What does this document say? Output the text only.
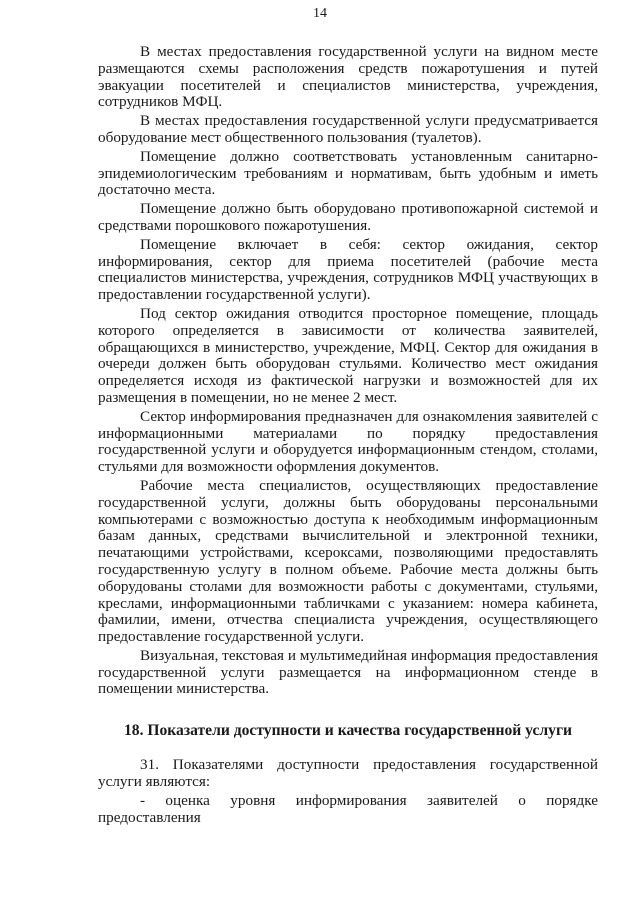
14

В местах предоставления государственной услуги на видном месте размещаются схемы расположения средств пожаротушения и путей эвакуации посетителей и специалистов министерства, учреждения, сотрудников МФЦ.

В местах предоставления государственной услуги предусматривается оборудование мест общественного пользования (туалетов).

Помещение должно соответствовать установленным санитарно-эпидемиологическим требованиям и нормативам, быть удобным и иметь достаточно места.

Помещение должно быть оборудовано противопожарной системой и средствами порошкового пожаротушения.

Помещение включает в себя: сектор ожидания, сектор информирования, сектор для приема посетителей (рабочие места специалистов министерства, учреждения, сотрудников МФЦ участвующих в предоставлении государственной услуги).

Под сектор ожидания отводится просторное помещение, площадь которого определяется в зависимости от количества заявителей, обращающихся в министерство, учреждение, МФЦ. Сектор для ожидания в очереди должен быть оборудован стульями. Количество мест ожидания определяется исходя из фактической нагрузки и возможностей для их размещения в помещении, но не менее 2 мест.

Сектор информирования предназначен для ознакомления заявителей с информационными материалами по порядку предоставления государственной услуги и оборудуется информационным стендом, столами, стульями для возможности оформления документов.

Рабочие места специалистов, осуществляющих предоставление государственной услуги, должны быть оборудованы персональными компьютерами с возможностью доступа к необходимым информационным базам данных, средствами вычислительной и электронной техники, печатающими устройствами, ксероксами, позволяющими предоставлять государственную услугу в полном объеме. Рабочие места должны быть оборудованы столами для возможности работы с документами, стульями, креслами, информационными табличками с указанием: номера кабинета, фамилии, имени, отчества специалиста учреждения, осуществляющего предоставление государственной услуги.

Визуальная, текстовая и мультимедийная информация предоставления государственной услуги размещается на информационном стенде в помещении министерства.

18. Показатели доступности и качества государственной услуги

31. Показателями доступности предоставления государственной услуги являются:

- оценка уровня информирования заявителей о порядке предоставления
